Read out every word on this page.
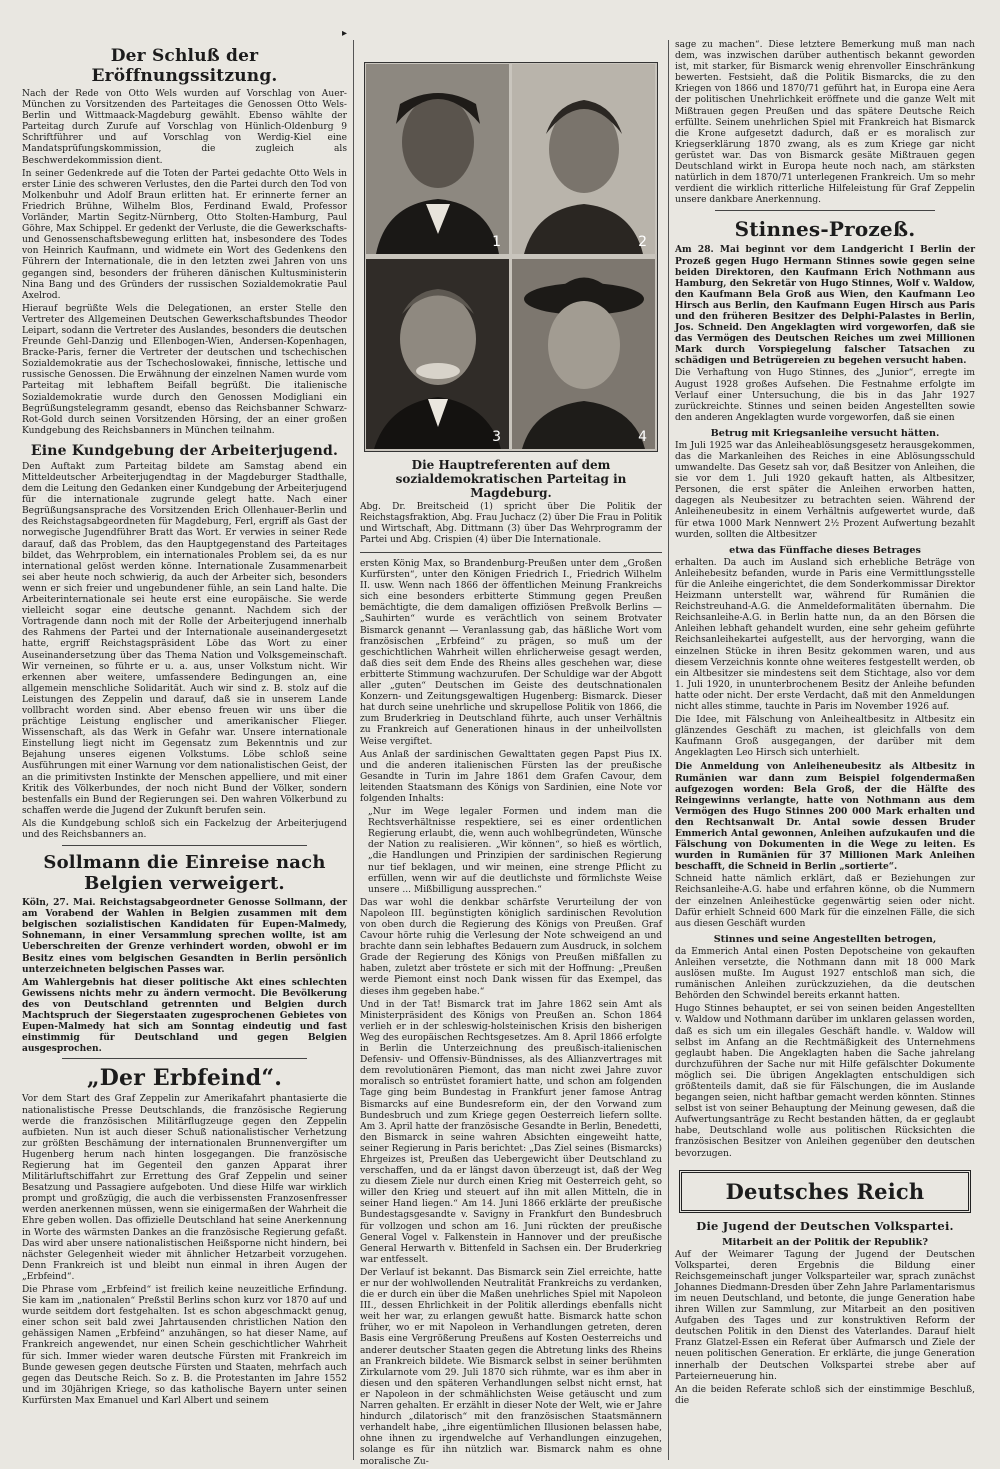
▸
Der Schluß der Eröffnungssitzung.

Nach der Rede von Otto Wels wurden auf Vorschlag von Auer-München zu Vorsitzenden des Parteitages die Genossen Otto Wels-Berlin und Wittmaack-Magdeburg gewählt. Ebenso wählte der Parteitag durch Zurufe auf Vorschlag von Hünlich-Oldenburg 9 Schriftführer und auf Vorschlag von Werdig-Kiel eine Mandatsprüfungskommission, die zugleich als Beschwerdekommission dient.

In seiner Gedenkrede auf die Toten der Partei gedachte Otto Wels in erster Linie des schweren Verlustes, den die Partei durch den Tod von Molkenbuhr und Adolf Braun erlitten hat. Er erinnerte ferner an Friedrich Brühne, Wilhelm Blos, Ferdinand Ewald, Professor Vorländer, Martin Segitz-Nürnberg, Otto Stolten-Hamburg, Paul Göhre, Max Schippel. Er gedenkt der Verluste, die die Gewerkschafts- und Genossenschaftsbewegung erlitten hat, insbesondere des Todes von Heinrich Kaufmann, und widmete ein Wort des Gedenkens den Führern der Internationale, die in den letzten zwei Jahren von uns gegangen sind, besonders der früheren dänischen Kultusministerin Nina Bang und des Gründers der russischen Sozialdemokratie Paul Axelrod.

Hierauf begrüßte Wels die Delegationen, an erster Stelle den Vertreter des Allgemeinen Deutschen Gewerkschaftsbundes Theodor Leipart, sodann die Vertreter des Auslandes, besonders die deutschen Freunde Gehl-Danzig und Ellenbogen-Wien, Andersen-Kopenhagen, Bracke-Paris, ferner die Vertreter der deutschen und tschechischen Sozialdemokratie aus der Tschechoslowakei, finnische, lettische und russische Genossen. Die Erwähnung der einzelnen Namen wurde vom Parteitag mit lebhaftem Beifall begrüßt. Die italienische Sozialdemokratie wurde durch den Genossen Modigliani ein Begrüßungstelegramm gesandt, ebenso das Reichsbanner Schwarz-Rot-Gold durch seinen Vorsitzenden Hörsing, der an einer großen Kundgebung des Reichsbanners in München teilnahm.

Eine Kundgebung der Arbeiterjugend.

Den Auftakt zum Parteitag bildete am Samstag abend ein Mitteldeutscher Arbeiterjugendtag in der Magdeburger Stadthalle, dem die Leitung den Gedanken einer Kundgebung der Arbeiterjugend für die internationale zugrunde gelegt hatte. Nach einer Begrüßungsansprache des Vorsitzenden Erich Ollenhauer-Berlin und des Reichstagsabgeordneten für Magdeburg, Ferl, ergriff als Gast der norwegische Jugendführer Bratt das Wort. Er verwies in seiner Rede darauf, daß das Problem, das den Hauptgegenstand des Parteitages bildet, das Wehrproblem, ein internationales Problem sei, da es nur international gelöst werden könne. Internationale Zusammenarbeit sei aber heute noch schwierig, da auch der Arbeiter sich, besonders wenn er sich freier und ungebundener fühle, an sein Land halte. Die Arbeiterinternationale sei heute erst eine europäische. Sie werde vielleicht sogar eine deutsche genannt. Nachdem sich der Vortragende dann noch mit der Rolle der Arbeiterjugend innerhalb des Rahmens der Partei und der Internationale auseinandergesetzt hatte, ergriff Reichstagspräsident Löbe das Wort zu einer Auseinandersetzung über das Thema Nation und Volksgemeinschaft. Wir verneinen, so führte er u. a. aus, unser Volkstum nicht. Wir erkennen aber weitere, umfassendere Bedingungen an, eine allgemein menschliche Solidarität. Auch wir sind z. B. stolz auf die Leistungen des Zeppelin und darauf, daß sie in unserem Lande vollbracht worden sind. Aber ebenso freuen wir uns über die prächtige Leistung englischer und amerikanischer Flieger. Wissenschaft, als das Werk in Gefahr war. Unsere internationale Einstellung liegt nicht im Gegensatz zum Bekenntnis und zur Bejahung unseres eigenen Volkstums. Löbe schloß seine Ausführungen mit einer Warnung vor dem nationalistischen Geist, der an die primitivsten Instinkte der Menschen appelliere, und mit einer Kritik des Völkerbundes, der noch nicht Bund der Völker, sondern bestenfalls ein Bund der Regierungen sei. Den wahren Völkerbund zu schaffen werde die Jugend der Zukunft berufen sein.

Als die Kundgebung schloß sich ein Fackelzug der Arbeiterjugend und des Reichsbanners an.

Sollmann die Einreise nach Belgien verweigert.

Köln, 27. Mai. Reichstagsabgeordneter Genosse Sollmann, der am Vorabend der Wahlen in Belgien zusammen mit dem belgischen sozialistischen Kandidaten für Eupen-Malmedy, Sohnemann, in einer Versammlung sprechen wollte, ist am Ueberschreiten der Grenze verhindert worden, obwohl er im Besitz eines vom belgischen Gesandten in Berlin persönlich unterzeichneten belgischen Passes war.

Am Wahlergebnis hat dieser politische Akt eines schlechten Gewissens nichts mehr zu ändern vermocht. Die Bevölkerung des von Deutschland getrennten und Belgien durch Machtspruch der Siegerstaaten zugesprochenen Gebietes von Eupen-Malmedy hat sich am Sonntag eindeutig und fast einstimmig für Deutschland und gegen Belgien ausgesprochen.

„Der Erbfeind“.

Vor dem Start des Graf Zeppelin zur Amerikafahrt phantasierte die nationalistische Presse Deutschlands, die französische Regierung werde die französischen Militärflugzeuge gegen den Zeppelin aufbieten. Nun ist auch dieser Schuß nationalistischer Verhetzung zur größten Beschämung der internationalen Brunnenvergifter um Hugenberg herum nach hinten losgegangen. Die französische Regierung hat im Gegenteil den ganzen Apparat ihrer Militärluftschiffahrt zur Errettung des Graf Zeppelin und seiner Besatzung und Passagiere aufgeboten. Und diese Hilfe war wirklich prompt und großzügig, die auch die verbissensten Franzosenfresser werden anerkennen müssen, wenn sie einigermaßen der Wahrheit die Ehre geben wollen. Das offizielle Deutschland hat seine Anerkennung in Worte des wärmsten Dankes an die französische Regierung gefaßt. Das wird aber unsere nationalistischen Heißsporne nicht hindern, bei nächster Gelegenheit wieder mit ähnlicher Hetzarbeit vorzugehen. Denn Frankreich ist und bleibt nun einmal in ihren Augen der „Erbfeind“.

Die Phrase vom „Erbfeind“ ist freilich keine neuzeitliche Erfindung. Sie kam im „nationalen“ Preßstil Berlins schon kurz vor 1870 auf und wurde seitdem dort festgehalten. Ist es schon abgeschmackt genug, einer schon seit bald zwei Jahrtausenden christlichen Nation den gehässigen Namen „Erbfeind“ anzuhängen, so hat dieser Name, auf Frankreich angewendet, nur einen Schein geschichtlicher Wahrheit für sich. Immer wieder waren deutsche Fürsten mit Frankreich im Bunde gewesen gegen deutsche Fürsten und Staaten, mehrfach auch gegen das Deutsche Reich. So z. B. die Protestanten im Jahre 1552 und im 30jährigen Kriege, so das katholische Bayern unter seinen Kurfürsten Max Emanuel und Karl Albert und seinem

1	2
3	4
Die Hauptreferenten auf dem sozialdemokratischen Parteitag in Magdeburg.

Abg. Dr. Breitscheid (1) spricht über Die Politik der Reichstagsfraktion, Abg. Frau Juchacz (2) über Die Frau in Politik und Wirtschaft, Abg. Dittmann (3) über Das Wehrprogramm der Partei und Abg. Crispien (4) über Die Internationale.

ersten König Max, so Brandenburg-Preußen unter dem „Großen Kurfürsten“, unter den Königen Friedrich I., Friedrich Wilhelm II. usw. Wenn nach 1866 der öffentlichen Meinung Frankreichs sich eine besonders erbitterte Stimmung gegen Preußen bemächtigte, die dem damaligen offiziösen Preßvolk Berlins — „Sauhirten“ wurde es verächtlich von seinem Brotvater Bismarck genannt — Veranlassung gab, das häßliche Wort vom französischen „Erbfeind“ zu prägen, so muß um der geschichtlichen Wahrheit willen ehrlicherweise gesagt werden, daß dies seit dem Ende des Rheins alles geschehen war, diese erbitterte Stimmung wachzurufen. Der Schuldige war der Abgott aller „guten“ Deutschen im Geiste des deutschnationalen Konzern- und Zeitungsgewaltigen Hugenberg: Bismarck. Dieser hat durch seine unehrliche und skrupellose Politik von 1866, die zum Bruderkrieg in Deutschland führte, auch unser Verhältnis zu Frankreich auf Generationen hinaus in der unheilvollsten Weise vergiftet.

Aus Anlaß der sardinischen Gewalttaten gegen Papst Pius IX. und die anderen italienischen Fürsten las der preußische Gesandte in Turin im Jahre 1861 dem Grafen Cavour, dem leitenden Staatsmann des Königs von Sardinien, eine Note vor folgenden Inhalts:

„Nur im Wege legaler Formen und indem man die Rechtsverhältnisse respektiere, sei es einer ordentlichen Regierung erlaubt, die, wenn auch wohlbegründeten, Wünsche der Nation zu realisieren. „Wir können“, so hieß es wörtlich, „die Handlungen und Prinzipien der sardinischen Regierung nur tief beklagen, und wir meinen, eine strenge Pflicht zu erfüllen, wenn wir auf die deutlichste und förmlichste Weise unsere ... Mißbilligung aussprechen.“

Das war wohl die denkbar schärfste Verurteilung der von Napoleon III. begünstigten königlich sardinischen Revolution von oben durch die Regierung des Königs von Preußen. Graf Cavour hörte ruhig die Verlesung der Note schweigend an und brachte dann sein lebhaftes Bedauern zum Ausdruck, in solchem Grade der Regierung des Königs von Preußen mißfallen zu haben, zuletzt aber tröstete er sich mit der Hoffnung: „Preußen werde Piemont einst noch Dank wissen für das Exempel, das dieses ihm gegeben habe.“

Und in der Tat! Bismarck trat im Jahre 1862 sein Amt als Ministerpräsident des Königs von Preußen an. Schon 1864 verlieh er in der schleswig-holsteinischen Krisis den bisherigen Weg des europäischen Rechtsgesetzes. Am 8. April 1866 erfolgte in Berlin die Unterzeichnung des preußisch-italienischen Defensiv- und Offensiv-Bündnisses, als des Allianzvertrages mit dem revolutionären Piemont, das man nicht zwei Jahre zuvor moralisch so entrüstet foramiert hatte, und schon am folgenden Tage ging beim Bundestag in Frankfurt jener famose Antrag Bismarcks auf eine Bundesreform ein, der den Vorwand zum Bundesbruch und zum Kriege gegen Oesterreich liefern sollte. Am 3. April hatte der französische Gesandte in Berlin, Benedetti, den Bismarck in seine wahren Absichten eingeweiht hatte, seiner Regierung in Paris berichtet: „Das Ziel seines (Bismarcks) Ehrgeizes ist, Preußen das Uebergewicht über Deutschland zu verschaffen, und da er längst davon überzeugt ist, daß der Weg zu diesem Ziele nur durch einen Krieg mit Oesterreich geht, so willer den Krieg und steuert auf ihn mit allen Mitteln, die in seiner Hand liegen.“ Am 14. Juni 1866 erklärte der preußische Bundestagsgesandte v. Savigny in Frankfurt den Bundesbruch für vollzogen und schon am 16. Juni rückten der preußische General Vogel v. Falkenstein in Hannover und der preußische General Herwarth v. Bittenfeld in Sachsen ein. Der Bruderkrieg war entfesselt.

Der Verlauf ist bekannt. Das Bismarck sein Ziel erreichte, hatte er nur der wohlwollenden Neutralität Frankreichs zu verdanken, die er durch ein über die Maßen unehrliches Spiel mit Napoleon III., dessen Ehrlichkeit in der Politik allerdings ebenfalls nicht weit her war, zu erlangen gewußt hatte. Bismarck hatte schon früher, wo er mit Napoleon in Verhandlungen getreten, deren Basis eine Vergrößerung Preußens auf Kosten Oesterreichs und anderer deutscher Staaten gegen die Abtretung links des Rheins an Frankreich bildete. Wie Bismarck selbst in seiner berühmten Zirkularnote vom 29. Juli 1870 sich rühmte, war es ihm aber in diesen und den späteren Verhandlungen selbst nicht ernst, hat er Napoleon in der schmählichsten Weise getäuscht und zum Narren gehalten. Er erzählt in dieser Note der Welt, wie er Jahre hindurch „dilatorisch“ mit den französischen Staatsmännern verhandelt habe, „ihre eigentümlichen Illusionen belassen habe, ohne ihnen zu irgendwelche auf Verhandlungen einzugehen, solange es für ihn nützlich war. Bismarck nahm es ohne moralische Zu-

sage zu machen“. Diese letztere Bemerkung muß man nach dem, was inzwischen darüber authentisch bekannt geworden ist, mit starker, für Bismarck wenig ehrenvoller Einschränkung bewerten. Festsieht, daß die Politik Bismarcks, die zu den Kriegen von 1866 und 1870/71 geführt hat, in Europa eine Aera der politischen Unehrlichkeit eröffnete und die ganze Welt mit Mißtrauen gegen Preußen und das spätere Deutsche Reich erfüllte. Seinem unehrlichen Spiel mit Frankreich hat Bismarck die Krone aufgesetzt dadurch, daß er es moralisch zur Kriegserklärung 1870 zwang, als es zum Kriege gar nicht gerüstet war. Das von Bismarck gesäte Mißtrauen gegen Deutschland wirkt in Europa heute noch nach, am stärksten natürlich in dem 1870/71 unterlegenen Frankreich. Um so mehr verdient die wirklich ritterliche Hilfeleistung für Graf Zeppelin unsere dankbare Anerkennung.

Stinnes-Prozeß.

Am 28. Mai beginnt vor dem Landgericht I Berlin der Prozeß gegen Hugo Hermann Stinnes sowie gegen seine beiden Direktoren, den Kaufmann Erich Nothmann aus Hamburg, den Sekretär von Hugo Stinnes, Wolf v. Waldow, den Kaufmann Bela Groß aus Wien, den Kaufmann Leo Hirsch aus Berlin, den Kaufmann Eugen Hirsch aus Paris und den früheren Besitzer des Delphi-Palastes in Berlin, Jos. Schneid. Den Angeklagten wird vorgeworfen, daß sie das Vermögen des Deutschen Reiches um zwei Millionen Mark durch Vorspiegelung falscher Tatsachen zu schädigen und Betrügereien zu begehen versucht haben.

Die Verhaftung von Hugo Stinnes, des „Junior“, erregte im August 1928 großes Aufsehen. Die Festnahme erfolgte im Verlauf einer Untersuchung, die bis in das Jahr 1927 zurückreichte. Stinnes und seinen beiden Angestellten sowie den anderen Angeklagten wurde vorgeworfen, daß sie einen

Betrug mit Kriegsanleihe versucht hätten.

Im Juli 1925 war das Anleiheablösungsgesetz herausgekommen, das die Markanleihen des Reiches in eine Ablösungsschuld umwandelte. Das Gesetz sah vor, daß Besitzer von Anleihen, die sie vor dem 1. Juli 1920 gekauft hatten, als Altbesitzer, Personen, die erst später die Anleihen erworben hatten, dagegen als Neubesitzer zu betrachten seien. Während der Anleiheneubesitz in einem Verhältnis aufgewertet wurde, daß für etwa 1000 Mark Nennwert 2½ Prozent Aufwertung bezahlt wurden, sollten die Altbesitzer

etwa das Fünffache dieses Betrages

erhalten. Da auch im Ausland sich erhebliche Beträge von Anleihebesitz befanden, wurde in Paris eine Vermittlungsstelle für die Anleihe eingerichtet, die dem Sonderkommissar Direktor Heizmann unterstellt war, während für Rumänien die Reichstreuhand-A.G. die Anmeldeformalitäten übernahm. Die Reichsanleihe-A.G. in Berlin hatte nun, da an den Börsen die Anleihen lebhaft gehandelt wurden, eine sehr geheim geführte Reichsanleihekartei aufgestellt, aus der hervorging, wann die einzelnen Stücke in ihren Besitz gekommen waren, und aus diesem Verzeichnis konnte ohne weiteres festgestellt werden, ob ein Altbesitzer sie mindestens seit dem Stichtage, also vor dem 1. Juli 1920, in ununterbrochenem Besitz der Anleihe befunden hatte oder nicht. Der erste Verdacht, daß mit den Anmeldungen nicht alles stimme, tauchte in Paris im November 1926 auf.

Die Idee, mit Fälschung von Anleihealtbesitz in Altbesitz ein glänzendes Geschäft zu machen, ist gleichfalls von dem Kaufmann Groß ausgegangen, der darüber mit dem Angeklagten Leo Hirsch sich unterhielt.

Die Anmeldung von Anleiheneubesitz als Altbesitz in Rumänien war dann zum Beispiel folgendermaßen aufgezogen worden: Bela Groß, der die Hälfte des Reingewinns verlangte, hatte von Nothmann aus dem Vermögen des Hugo Stinnes 200 000 Mark erhalten und den Rechtsanwalt Dr. Antal sowie dessen Bruder Emmerich Antal gewonnen, Anleihen aufzukaufen und die Fälschung von Dokumenten in die Wege zu leiten. Es wurden in Rumänien für 37 Millionen Mark Anleihen beschafft, die Schneid in Berlin „sortierte“.

Schneid hatte nämlich erklärt, daß er Beziehungen zur Reichsanleihe-A.G. habe und erfahren könne, ob die Nummern der einzelnen Anleihestücke gegenwärtig seien oder nicht. Dafür erhielt Schneid 600 Mark für die einzelnen Fälle, die sich aus diesen Geschäft wurden

Stinnes und seine Angestellten betrogen,

da Emmerich Antal einen Posten Depotscheine von gekauften Anleihen versetzte, die Nothmann dann mit 18 000 Mark auslösen mußte. Im August 1927 entschloß man sich, die rumänischen Anleihen zurückzuziehen, da die deutschen Behörden den Schwindel bereits erkannt hatten.

Hugo Stinnes behauptet, er sei von seinen beiden Angestellten v. Waldow und Nothmann darüber im unklaren gelassen worden, daß es sich um ein illegales Geschäft handle. v. Waldow will selbst im Anfang an die Rechtmäßigkeit des Unternehmens geglaubt haben. Die Angeklagten haben die Sache jahrelang durchzuführen der Sache nur mit Hilfe gefälschter Dokumente möglich sei. Die übrigen Angeklagten entschuldigen sich größtenteils damit, daß sie für Fälschungen, die im Auslande begangen seien, nicht haftbar gemacht werden könnten. Stinnes selbst ist von seiner Behauptung der Meinung gewesen, daß die Aufwertungsanträge zu Recht bestanden hätten, da er geglaubt habe, Deutschland wolle aus politischen Rücksichten die französischen Besitzer von Anleihen gegenüber den deutschen bevorzugen.

Deutsches Reich
Die Jugend der Deutschen Volkspartei.
Mitarbeit an der Politik der Republik?

Auf der Weimarer Tagung der Jugend der Deutschen Volkspartei, deren Ergebnis die Bildung einer Reichsgemeinschaft junger Volksparteiler war, sprach zunächst Johannes Diedmann-Dresden über Zehn Jahre Parlamentarismus im neuen Deutschland, und betonte, die junge Generation habe ihren Willen zur Sammlung, zur Mitarbeit an den positiven Aufgaben des Tages und zur konstruktiven Reform der deutschen Politik in den Dienst des Vaterlandes. Darauf hielt Franz Glatzel-Essen ein Referat über Aufmarsch und Ziele der neuen politischen Generation. Er erklärte, die junge Generation innerhalb der Deutschen Volkspartei strebe aber auf Parteierneuerung hin.

An die beiden Referate schloß sich der einstimmige Beschluß, die
